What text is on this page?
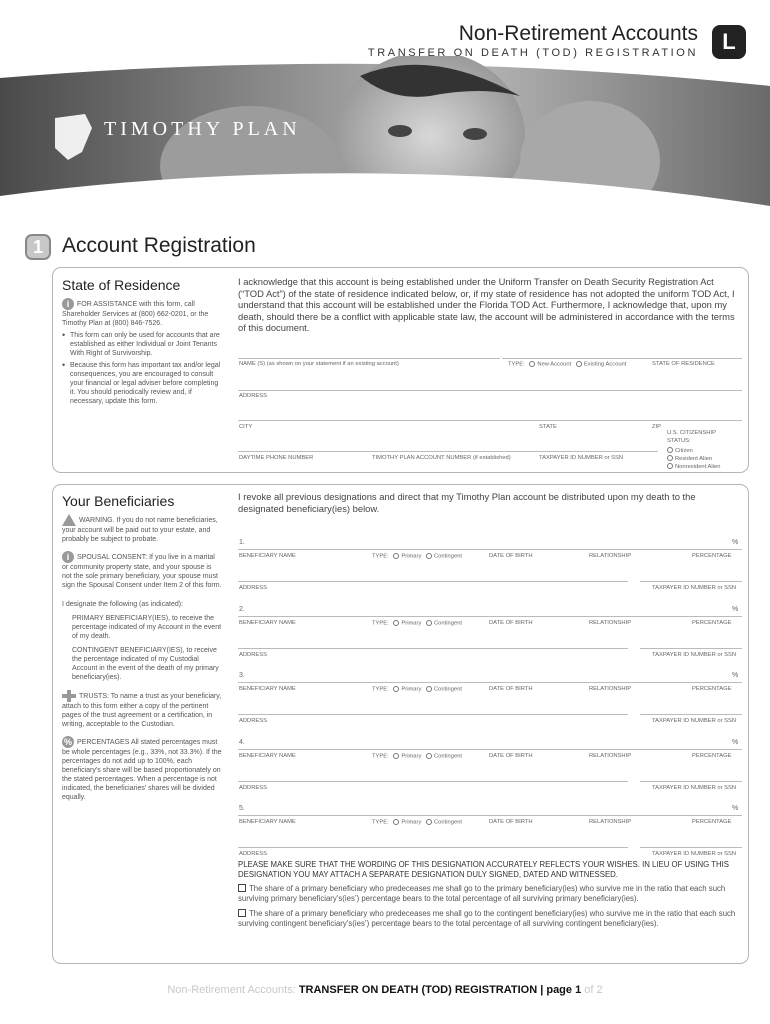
Non-Retirement Accounts
TRANSFER ON DEATH (TOD) REGISTRATION	L
TIMOTHY PLAN
1 Account Registration
State of Residence
i FOR ASSISTANCE with this form, call Shareholder Services at (800) 662-0201, or the Timothy Plan at (800) 846-7526.
• This form can only be used for accounts that are established as either Individual or Joint Tenants With Right of Survivorship.
• Because this form has important tax and/or legal consequences, you are encouraged to consult your financial or legal adviser before completing it. You should periodically review and, if necessary, update this form.
I acknowledge that this account is being established under the Uniform Transfer on Death Security Registration Act (“TOD Act”) of the state of residence indicated below, or, if my state of residence has not adopted the uniform TOD Act, I understand that this account will be established under the Florida TOD Act. Furthermore, I acknowledge that, upon my death, should there be a conflict with applicable state law, the account will be administered in accordance with the terms of this document.
NAME (S) (as shown on your statement if an existing account)	TYPE: New Account Existing Account	STATE OF RESIDENCE
ADDRESS
CITY	STATE	ZIP
U.S. CITIZENSHIP STATUS:
Citizen
Resident Alien
Nonresident Alien
DAYTIME PHONE NUMBER	TIMOTHY PLAN ACCOUNT NUMBER (if established)	TAXPAYER ID NUMBER or SSN
Your Beneficiaries
WARNING. If you do not name beneficiaries, your account will be paid out to your estate, and probably be subject to probate.
i SPOUSAL CONSENT: If you live in a marital or community property state, and your spouse is not the sole primary beneficiary, your spouse must sign the Spousal Consent under Item 2 of this form.
I designate the following (as indicated):
PRIMARY BENEFICIARY(IES), to receive the percentage indicated of my Account in the event of my death.
CONTINGENT BENEFICIARY(IES), to receive the percentage indicated of my Custodial Account in the event of the death of my primary beneficiary(ies).
TRUSTS: To name a trust as your beneficiary, attach to this form either a copy of the pertinent pages of the trust agreement or a certification, in writing, acceptable to the Custodian.
% PERCENTAGES All stated percentages must be whole percentages (e.g., 33%, not 33.3%). If the percentages do not add up to 100%, each beneficiary’s share will be based proportionately on the stated percentages. When a percentage is not indicated, the beneficiaries’ shares will be divided equally.
I revoke all previous designations and direct that my Timothy Plan account be distributed upon my death to the designated beneficiary(ies) below.
1.	%
BENEFICIARY NAME	TYPE: Primary Contingent	DATE OF BIRTH	RELATIONSHIP	PERCENTAGE
ADDRESS	TAXPAYER ID NUMBER or SSN
2.	%
BENEFICIARY NAME	TYPE: Primary Contingent	DATE OF BIRTH	RELATIONSHIP	PERCENTAGE
ADDRESS	TAXPAYER ID NUMBER or SSN
3.	%
BENEFICIARY NAME	TYPE: Primary Contingent	DATE OF BIRTH	RELATIONSHIP	PERCENTAGE
ADDRESS	TAXPAYER ID NUMBER or SSN
4.	%
BENEFICIARY NAME	TYPE: Primary Contingent	DATE OF BIRTH	RELATIONSHIP	PERCENTAGE
ADDRESS	TAXPAYER ID NUMBER or SSN
5.	%
BENEFICIARY NAME	TYPE: Primary Contingent	DATE OF BIRTH	RELATIONSHIP	PERCENTAGE
ADDRESS	TAXPAYER ID NUMBER or SSN
PLEASE MAKE SURE THAT THE WORDING OF THIS DESIGNATION ACCURATELY REFLECTS YOUR WISHES. IN LIEU OF USING THIS DESIGNATION YOU MAY ATTACH A SEPARATE DESIGNATION DULY SIGNED, DATED AND WITNESSED.
The share of a primary beneficiary who predeceases me shall go to the primary beneficiary(ies) who survive me in the ratio that each such surviving primary beneficiary’s(ies’) percentage bears to the total percentage of all surviving primary beneficiary(ies).
The share of a primary beneficiary who predeceases me shall go to the contingent beneficiary(ies) who survive me in the ratio that each such surviving contingent beneficiary’s(ies’) percentage bears to the total percentage of all surviving contingent beneficiary(ies).
Non-Retirement Accounts: TRANSFER ON DEATH (TOD) REGISTRATION | page 1 of 2
